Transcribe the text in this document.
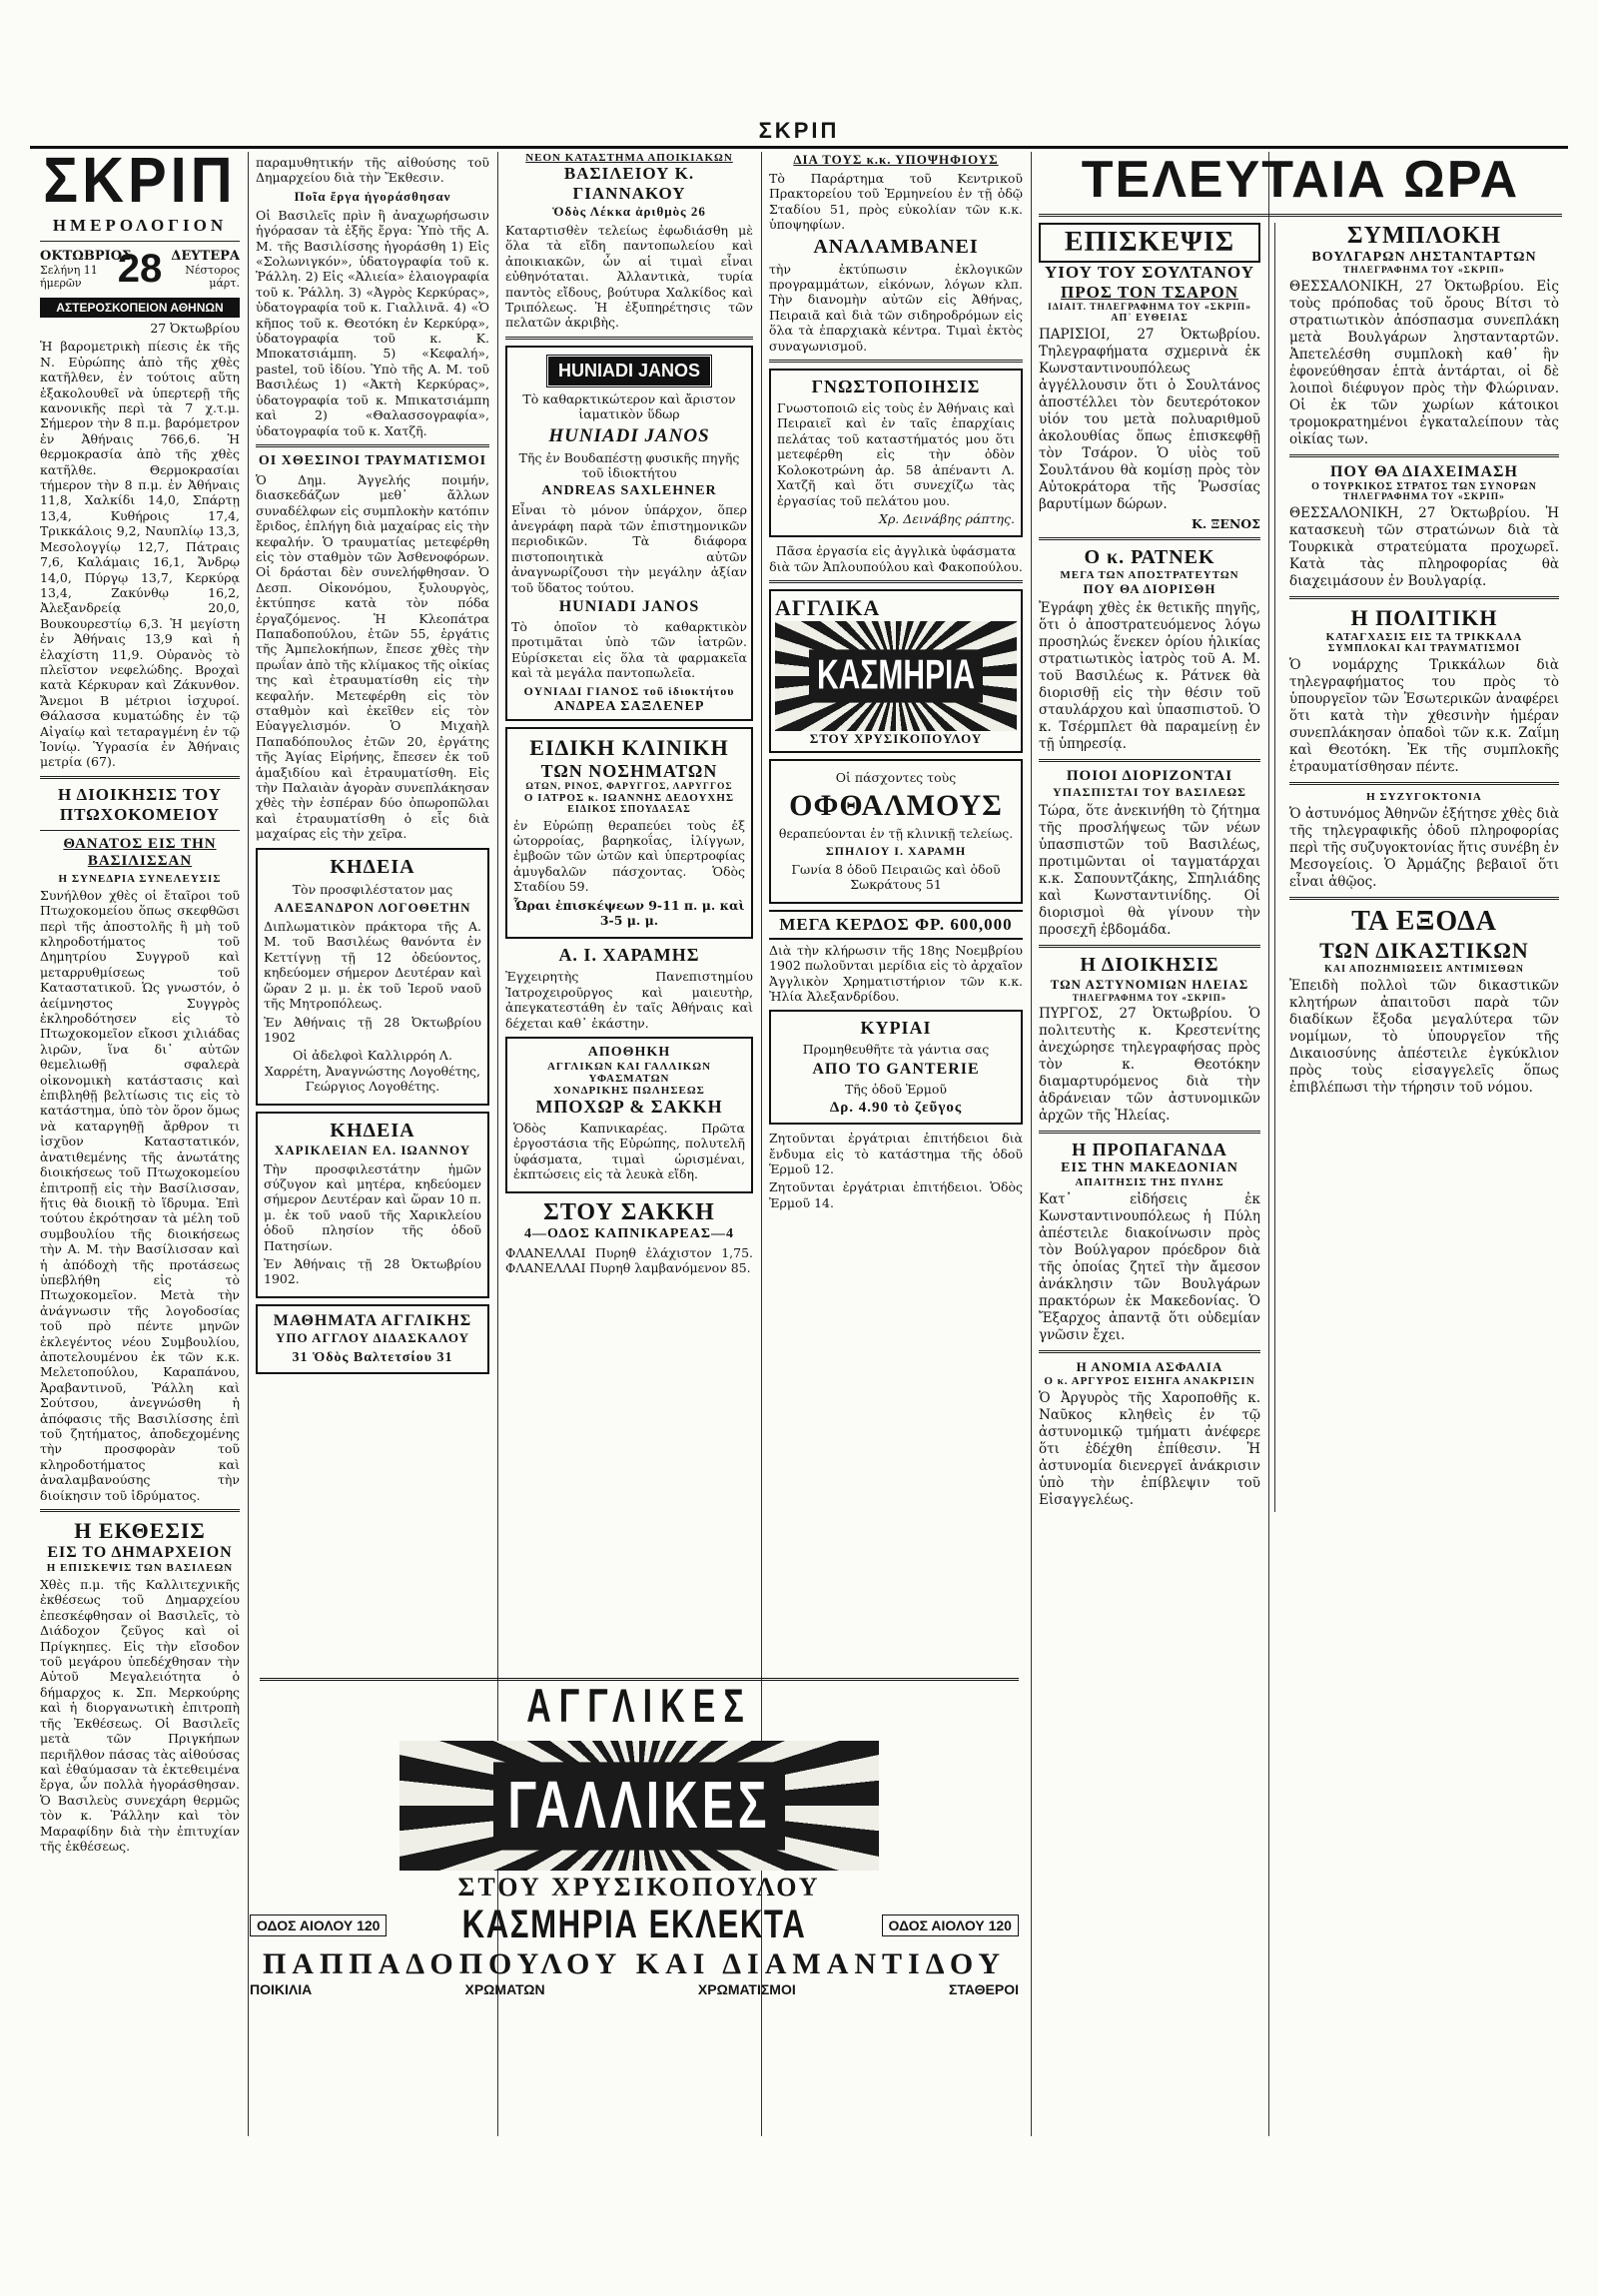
ΣΚΡΙΠ
ΣΚΡΙΠ
ΗΜΕΡΟΛΟΓΙΟΝ
ΟΚΤΩΒΡΙΟΣ
Σελήνη 11 ήμερῶν 28 ΔΕΥΤΕΡΑ
Νέστορος μάρτ.
ΑΣΤΕΡΟΣΚΟΠΕΙΟΝ ΑΘΗΝΩΝ
27 Ὀκτωβρίου
Ἡ βαρομετρικὴ πίεσις ἐκ τῆς Ν. Εὐρώπης ἀπὸ τῆς χθὲς κατῆλθεν, ἐν τούτοις αὕτη ἐξακολουθεῖ νὰ ὑπερτερῇ τῆς κανονικῆς περὶ τὰ 7 χ.τ.μ. Σήμερον τὴν 8 π.μ. βαρόμετρον ἐν Ἀθήναις 766,6. Ἡ θερμοκρασία ἀπὸ τῆς χθὲς κατῆλθε. Θερμοκρασίαι τήμερον τὴν 8 π.μ. ἐν Ἀθήναις 11,8, Χαλκίδι 14,0, Σπάρτῃ 13,4, Κυθήροις 17,4, Τρικκάλοις 9,2, Ναυπλίῳ 13,3, Μεσολογγίῳ 12,7, Πάτραις 7,6, Καλάμαις 16,1, Ἄνδρῳ 14,0, Πύργῳ 13,7, Κερκύρᾳ 13,4, Ζακύνθῳ 16,2, Ἀλεξανδρείᾳ 20,0, Βουκουρεστίῳ 6,3. Ἡ μεγίστη ἐν Ἀθήναις 13,9 καὶ ἡ ἐλαχίστη 11,9. Οὐρανὸς τὸ πλεῖστον νεφελώδης. Βροχαὶ κατὰ Κέρκυραν καὶ Ζάκυνθον. Ἄνεμοι Β μέτριοι ἰσχυροί. Θάλασσα κυματώδης ἐν τῷ Αἰγαίῳ καὶ τεταραγμένη ἐν τῷ Ἰονίῳ. Ὑγρασία ἐν Ἀθήναις μετρία (67).
Η ΔΙΟΙΚΗΣΙΣ ΤΟΥ ΠΤΩΧΟΚΟΜΕΙΟΥ
ΘΑΝΑΤΟΣ ΕΙΣ ΤΗΝ ΒΑΣΙΛΙΣΣΑΝ
Η ΣΥΝΕΔΡΙΑ ΣΥΝΕΛΕΥΣΙΣ
Συνήλθον χθὲς οἱ ἔταῖροι τοῦ Πτωχοκομείου ὅπως σκεφθῶσι περὶ τῆς ἀποστολῆς ἢ μὴ τοῦ κληροδοτήματος τοῦ Δημητρίου Συγγροῦ καὶ μεταρρυθμίσεως τοῦ Καταστατικοῦ. Ὡς γνωστόν, ὁ ἀείμνηστος Συγγρὸς ἐκληροδότησεν εἰς τὸ Πτωχοκομεῖον εἴκοσι χιλιάδας λιρῶν, ἵνα δι᾽ αὐτῶν θεμελιωθῇ σφαλερὰ οἰκονομικὴ κατάστασις καὶ ἐπιβληθῇ βελτίωσις τις εἰς τὸ κατάστημα, ὑπὸ τὸν ὅρον ὅμως νὰ καταργηθῇ ἄρθρον τι ἰσχῦον Καταστατικόν, ἀνατιθεμένης τῆς ἀνωτάτης διοικήσεως τοῦ Πτωχοκομείου ἐπιτροπῇ εἰς τὴν Βασίλισσαν, ἥτις θὰ διοικῇ τὸ ἵδρυμα. Ἐπὶ τούτου ἐκρότησαν τὰ μέλη τοῦ συμβουλίου τῆς διοικήσεως τὴν Α. Μ. τὴν Βασίλισσαν καὶ ἡ ἀπόδοχὴ τῆς προτάσεως ὑπεβλήθη εἰς τὸ Πτωχοκομεῖον. Μετὰ τὴν ἀνάγνωσιν τῆς λογοδοσίας τοῦ πρὸ πέντε μηνῶν ἐκλεγέντος νέου Συμβουλίου, ἀποτελουμένου ἐκ τῶν κ.κ. Μελετοπούλου, Καραπάνου, Ἀραβαντινοῦ, Ῥάλλη καὶ Σούτσου, ἀνεγνώσθη ἡ ἀπόφασις τῆς Βασιλίσσης ἐπὶ τοῦ ζητήματος, ἀποδεχομένης τὴν προσφορὰν τοῦ κληροδοτήματος καὶ ἀναλαμβανούσης τὴν διοίκησιν τοῦ ἱδρύματος.
Η ΕΚΘΕΣΙΣ
ΕΙΣ ΤΟ ΔΗΜΑΡΧΕΙΟΝ
Η ΕΠΙΣΚΕΨΙΣ ΤΩΝ ΒΑΣΙΛΕΩΝ
Χθὲς π.μ. τῆς Καλλιτεχνικῆς ἐκθέσεως τοῦ Δημαρχείου ἐπεσκέφθησαν οἱ Βασιλεῖς, τὸ Διάδοχον ζεῦγος καὶ οἱ Πρίγκηπες. Εἰς τὴν εἴσοδον τοῦ μεγάρου ὑπεδέχθησαν τὴν Αὐτοῦ Μεγαλειότητα ὁ δήμαρχος κ. Σπ. Μερκούρης καὶ ἡ διοργανωτικὴ ἐπιτροπὴ τῆς Ἐκθέσεως. Οἱ Βασιλεῖς μετὰ τῶν Πριγκήπων περιῆλθον πάσας τὰς αἰθούσας καὶ ἐθαύμασαν τὰ ἐκτεθειμένα ἔργα, ὧν πολλὰ ἠγοράσθησαν. Ὁ Βασιλεὺς συνεχάρη θερμῶς τὸν κ. Ῥάλλην καὶ τὸν Μαραφίδην διὰ τὴν ἐπιτυχίαν τῆς ἐκθέσεως.
παραμυθητικήν τῆς αἰθούσης τοῦ Δημαρχείου διὰ τὴν Ἔκθεσιν.
Ποῖα ἔργα ἠγοράσθησαν
Οἱ Βασιλεῖς πρὶν ἢ ἀναχωρήσωσιν ἠγόρασαν τὰ ἑξῆς ἔργα: Ὑπὸ τῆς Α. Μ. τῆς Βασιλίσσης ἠγοράσθη 1) Εἰς «Σολωνιγκόν», ὑδατογραφία τοῦ κ. Ῥάλλη. 2) Εἰς «Ἀλιεία» ἐλαιογραφία τοῦ κ. Ῥάλλη. 3) «Ἀγρὸς Κερκύρας», ὑδατογραφία τοῦ κ. Γιαλλινᾶ. 4) «Ὁ κῆπος τοῦ κ. Θεοτόκη ἐν Κερκύρᾳ», ὑδατογραφία τοῦ κ. Κ. Μποκατσιάμπη. 5) «Κεφαλή», pastel, τοῦ ἰδίου. Ὑπὸ τῆς Α. Μ. τοῦ Βασιλέως 1) «Ἀκτὴ Κερκύρας», ὑδατογραφία τοῦ κ. Μπικατσιάμπη καὶ 2) «Θαλασσογραφία», ὑδατογραφία τοῦ κ. Χατζῆ.
ΟΙ ΧΘΕΣΙΝΟΙ ΤΡΑΥΜΑΤΙΣΜΟΙ
Ὁ Δημ. Ἀγγελής ποιμήν, διασκεδάζων μεθ᾽ ἄλλων συναδέλφων εἰς συμπλοκὴν κατόπιν ἔριδος, ἐπλήγη διὰ μαχαίρας εἰς τὴν κεφαλήν. Ὁ τραυματίας μετεφέρθη εἰς τὸν σταθμὸν τῶν Ἀσθενοφόρων. Οἱ δράσται δὲν συνελήφθησαν. Ὁ Δεσπ. Οἰκονόμου, ξυλουργὸς, ἐκτύπησε κατὰ τὸν πόδα ἐργαζόμενος. Ἡ Κλεοπάτρα Παπαδοπούλου, ἐτῶν 55, ἐργάτις τῆς Ἀμπελοκήπων, ἔπεσε χθὲς τὴν πρωΐαν ἀπὸ τῆς κλίμακος τῆς οἰκίας της καὶ ἐτραυματίσθη εἰς τὴν κεφαλήν. Μετεφέρθη εἰς τὸν σταθμὸν καὶ ἐκεῖθεν εἰς τὸν Εὐαγγελισμόν. Ὁ Μιχαὴλ Παπαδόπουλος ἐτῶν 20, ἐργάτης τῆς Ἁγίας Εἰρήνης, ἔπεσεν ἐκ τοῦ ἁμαξιδίου καὶ ἐτραυματίσθη. Εἰς τὴν Παλαιὰν ἀγορὰν συνεπλάκησαν χθὲς τὴν ἑσπέραν δύο ὀπωροπῶλαι καὶ ἐτραυματίσθη ὁ εἷς διὰ μαχαίρας εἰς τὴν χεῖρα.
ΚΗΔΕΙΑ
Τὸν προσφιλέστατον μας
ΑΛΕΞΑΝΔΡΟΝ ΛΟΓΟΘΕΤΗΝ
Διπλωματικὸν πράκτορα τῆς Α. Μ. τοῦ Βασιλέως θανόντα ἐν Κεττίγνῃ τῇ 12 ὀδεύοντος, κηδεύομεν σήμερον Δευτέραν καὶ ὥραν 2 μ. μ. ἐκ τοῦ Ἱεροῦ ναοῦ τῆς Μητροπόλεως.
Ἐν Ἀθήναις τῇ 28 Ὀκτωβρίου 1902
Οἱ ἀδελφοὶ Καλλιρρόη Λ. Χαρρέτη, Ἀναγνώστης Λογοθέτης, Γεώργιος Λογοθέτης.
ΚΗΔΕΙΑ
ΧΑΡΙΚΛΕΙΑΝ ΕΛ. ΙΩΑΝΝΟΥ
Τὴν προσφιλεστάτην ἡμῶν σύζυγον καὶ μητέρα, κηδεύομεν σήμερον Δευτέραν καὶ ὥραν 10 π. μ. ἐκ τοῦ ναοῦ τῆς Χαρικλείου ὁδοῦ πλησίον τῆς ὁδοῦ Πατησίων.
Ἐν Ἀθήναις τῇ 28 Ὀκτωβρίου 1902.
ΜΑΘΗΜΑΤΑ ΑΓΓΛΙΚΗΣ
ΥΠΟ ΑΓΓΛΟΥ ΔΙΔΑΣΚΑΛΟΥ
31 Ὁδὸς Βαλτετσίου 31
ΝΕΟΝ ΚΑΤΑΣΤΗΜΑ ΑΠΟΙΚΙΑΚΩΝ
ΒΑΣΙΛΕΙΟΥ Κ. ΓΙΑΝΝΑΚΟΥ
Ὁδὸς Λέκκα ἀριθμὸς 26
Καταρτισθὲν τελείως ἐφωδιάσθη μὲ ὅλα τὰ εἴδη παντοπωλείου καὶ ἀποικιακῶν, ὧν αἱ τιμαὶ εἶναι εὐθηνόταται. Ἀλλαντικὰ, τυρία παντὸς εἴδους, βούτυρα Χαλκίδος καὶ Τριπόλεως. Ἡ ἐξυπηρέτησις τῶν πελατῶν ἀκριβὴς.
HUNIADI JANOS
Τὸ καθαρκτικώτερον καὶ ἄριστον ἰαματικὸν ὕδωρ
HUNIADI JANOS
Τῆς ἐν Βουδαπέστῃ φυσικῆς πηγῆς τοῦ ἰδιοκτήτου
ANDREAS SAXLEHNER
Εἶναι τὸ μόνον ὑπάρχον, ὅπερ ἀνεγράφη παρὰ τῶν ἐπιστημονικῶν περιοδικῶν. Τὰ διάφορα πιστοποιητικὰ αὐτῶν ἀναγνωρίζουσι τὴν μεγάλην ἀξίαν τοῦ ὕδατος τούτου.
HUNIADI JANOS
Τὸ ὁποῖον τὸ καθαρκτικὸν προτιμᾶται ὑπὸ τῶν ἰατρῶν. Εὑρίσκεται εἰς ὅλα τὰ φαρμακεῖα καὶ τὰ μεγάλα παντοπωλεῖα.
ΟΥΝΙΑΔΙ ΓΙΑΝΟΣ τοῦ ἰδιοκτήτου
ΑΝΔΡΕΑ ΣΑΞΛΕΝΕΡ
ΕΙΔΙΚΗ ΚΛΙΝΙΚΗ
ΤΩΝ ΝΟΣΗΜΑΤΩΝ
ΩΤΩΝ, ΡΙΝΟΣ, ΦΑΡΥΓΓΟΣ, ΛΑΡΥΓΓΟΣ
Ο ΙΑΤΡΟΣ κ. ΙΩΑΝΝΗΣ ΔΕΔΟΥΧΗΣ
ΕΙΔΙΚΟΣ ΣΠΟΥΔΑΣΑΣ
ἐν Εὐρώπῃ θεραπεύει τοὺς ἐξ ὠτορροίας, βαρηκοΐας, ἰλίγγων, ἐμβοῶν τῶν ὠτῶν καὶ ὑπερτροφίας ἀμυγδαλῶν πάσχοντας. Ὁδὸς Σταδίου 59.
Ὧραι ἐπισκέψεων 9-11 π. μ. καὶ 3-5 μ. μ.
Α. Ι. ΧΑΡΑΜΗΣ
Ἐγχειρητὴς Πανεπιστημίου Ἰατροχειροῦργος καὶ μαιευτὴρ, ἀπεγκατεστάθη ἐν ταῖς Ἀθήναις καὶ δέχεται καθ᾽ ἑκάστην.
ΑΠΟΘΗΚΗ
ΑΓΓΛΙΚΩΝ ΚΑΙ ΓΑΛΛΙΚΩΝ ΥΦΑΣΜΑΤΩΝ
ΧΟΝΔΡΙΚΗΣ ΠΩΛΗΣΕΩΣ
ΜΠΟΧΩΡ & ΣΑΚΚΗ
Ὁδὸς Καπνικαρέας. Πρῶτα ἐργοστάσια τῆς Εὐρώπης, πολυτελῆ ὑφάσματα, τιμαὶ ὡρισμέναι, ἐκπτώσεις εἰς τὰ λευκὰ εἴδη.
ΣΤΟΥ ΣΑΚΚΗ
4—ΟΔΟΣ ΚΑΠΝΙΚΑΡΕΑΣ—4
ΦΛΑΝΕΛΛΑΙ Πυρηθ ἐλάχιστον 1,75. ΦΛΑΝΕΛΛΑΙ Πυρηθ λαμβανόμενον 85.
ΔΙΑ ΤΟΥΣ κ.κ. ΥΠΟΨΗΦΙΟΥΣ
Τὸ Παράρτημα τοῦ Κεντρικοῦ Πρακτορείου τοῦ Ἑρμηνείου ἐν τῇ ὁδῷ Σταδίου 51, πρὸς εὐκολίαν τῶν κ.κ. ὑποψηφίων.
ΑΝΑΛΑΜΒΑΝΕΙ
τὴν ἐκτύπωσιν ἐκλογικῶν προγραμμάτων, εἰκόνων, λόγων κλπ. Τὴν διανομὴν αὐτῶν εἰς Ἀθήνας, Πειραιᾶ καὶ διὰ τῶν σιδηροδρόμων εἰς ὅλα τὰ ἐπαρχιακὰ κέντρα. Τιμαὶ ἐκτὸς συναγωνισμοῦ.
ΓΝΩΣΤΟΠΟΙΗΣΙΣ
Γνωστοποιῶ εἰς τοὺς ἐν Ἀθήναις καὶ Πειραιεῖ καὶ ἐν ταῖς ἐπαρχίαις πελάτας τοῦ καταστήματός μου ὅτι μετεφέρθη εἰς τὴν ὁδὸν Κολοκοτρώνη ἀρ. 58 ἀπέναντι Λ. Χατζῆ καὶ ὅτι συνεχίζω τὰς ἐργασίας τοῦ πελάτου μου.
Χρ. Δεινάβης ράπτης.
Πᾶσα ἐργασία εἰς ἀγγλικὰ ὑφάσματα διὰ τῶν Ἀπλουπούλου καὶ Φακοπούλου.
ΑΓΓΛΙΚΑ
ΚΑΣΜΗΡΙΑ
ΣΤΟΥ ΧΡΥΣΙΚΟΠΟΥΛΟΥ
Οἱ πάσχοντες τοὺς
ΟΦΘΑΛΜΟΥΣ
θεραπεύονται ἐν τῇ κλινικῇ τελείως.
ΣΠΗΛΙΟΥ Ι. ΧΑΡΑΜΗ
Γωνία 8 ὁδοῦ Πειραιῶς καὶ ὁδοῦ Σωκράτους 51
ΜΕΓΑ ΚΕΡΔΟΣ ΦΡ. 600,000
Διὰ τὴν κλήρωσιν τῆς 18ης Νοεμβρίου 1902 πωλοῦνται μερίδια εἰς τὸ ἀρχαῖον Ἀγγλικὸν Χρηματιστήριον τῶν κ.κ. Ἠλία Ἀλεξανδρίδου.
ΚΥΡΙΑΙ
Προμηθευθῆτε τὰ γάντια σας
ΑΠΟ ΤΟ GANTERIE
Τῆς ὁδοῦ Ἑρμοῦ
Δρ. 4.90 τὸ ζεῦγος
Ζητοῦνται ἐργάτριαι ἐπιτήδειοι διὰ ἔνδυμα εἰς τὸ κατάστημα τῆς ὁδοῦ Ἑρμοῦ 12.
Ζητοῦνται ἐργάτριαι ἐπιτήδειοι. Ὁδὸς Ἑρμοῦ 14.
ΤΕΛΕΥΤΑΙΑ ΩΡΑ
ΕΠΙΣΚΕΨΙΣ
ΥΙΟΥ ΤΟΥ ΣΟΥΛΤΑΝΟΥ
ΠΡΟΣ ΤΟΝ ΤΣΑΡΟΝ
ΙΔΙΑΙΤ. ΤΗΛΕΓΡΑΦΗΜΑ ΤΟΥ «ΣΚΡΙΠ»
ΑΠ᾽ ΕΥΘΕΙΑΣ
ΠΑΡΙΣΙΟΙ, 27 Ὀκτωβρίου. Τηλεγραφήματα σχμερινὰ ἐκ Κωνσταντινουπόλεως ἀγγέλλουσιν ὅτι ὁ Σουλτάνος ἀποστέλλει τὸν δευτερότοκον υἱόν του μετὰ πολυαριθμοῦ ἀκολουθίας ὅπως ἐπισκεφθῇ τὸν Τσάρον. Ὁ υἱὸς τοῦ Σουλτάνου θὰ κομίσῃ πρὸς τὸν Αὐτοκράτορα τῆς Ῥωσσίας βαρυτίμων δώρων.
Κ. ΞΕΝΟΣ
Ο κ. ΡΑΤΝΕΚ
ΜΕΓΑ ΤΩΝ ΑΠΟΣΤΡΑΤΕΥΤΩΝ
ΠΟΥ ΘΑ ΔΙΟΡΙΣΘΗ
Ἐγράφη χθὲς ἐκ θετικῆς πηγῆς, ὅτι ὁ ἀποστρατευόμενος λόγω προσηλώς ἕνεκεν ὁρίου ἡλικίας στρατιωτικὸς ἰατρὸς τοῦ Α. Μ. τοῦ Βασιλέως κ. Ράτνεκ θὰ διορισθῇ εἰς τὴν θέσιν τοῦ σταυλάρχου καὶ ὑπασπιστοῦ. Ὁ κ. Τσέρμπλετ θὰ παραμείνῃ ἐν τῇ ὑπηρεσίᾳ.
ΠΟΙΟΙ ΔΙΟΡΙΖΟΝΤΑΙ
ΥΠΑΣΠΙΣΤΑΙ ΤΟΥ ΒΑΣΙΛΕΩΣ
Τώρα, ὅτε ἀνεκινήθη τὸ ζήτημα τῆς προσλήψεως τῶν νέων ὑπασπιστῶν τοῦ Βασιλέως, προτιμῶνται οἱ ταγματάρχαι κ.κ. Σαπουντζάκης, Σπηλιάδης καὶ Κωνσταντινίδης. Οἱ διορισμοὶ θὰ γίνουν τὴν προσεχῆ ἑβδομάδα.
Η ΔΙΟΙΚΗΣΙΣ
ΤΩΝ ΑΣΤΥΝΟΜΙΩΝ ΗΛΕΙΑΣ
ΤΗΛΕΓΡΑΦΗΜΑ ΤΟΥ «ΣΚΡΙΠ»
ΠΥΡΓΟΣ, 27 Ὀκτωβρίου. Ὁ πολιτευτὴς κ. Κρεστενίτης ἀνεχώρησε τηλεγραφήσας πρὸς τὸν κ. Θεοτόκην διαμαρτυρόμενος διὰ τὴν ἀδράνειαν τῶν ἀστυνομικῶν ἀρχῶν τῆς Ἠλείας.
Η ΠΡΟΠΑΓΑΝΔΑ
ΕΙΣ ΤΗΝ ΜΑΚΕΔΟΝΙΑΝ
ΑΠΑΙΤΗΣΙΣ ΤΗΣ ΠΥΛΗΣ
Κατ᾽ εἰδήσεις ἐκ Κωνσταντινουπόλεως ἡ Πύλη ἀπέστειλε διακοίνωσιν πρὸς τὸν Βούλγαρον πρόεδρον διὰ τῆς ὁποίας ζητεῖ τὴν ἄμεσον ἀνάκλησιν τῶν Βουλγάρων πρακτόρων ἐκ Μακεδονίας. Ὁ Ἔξαρχος ἀπαντᾷ ὅτι οὐδεμίαν γνῶσιν ἔχει.
Η ΑΝΟΜΙΑ ΑΣΦΑΛΙΑ
Ο κ. ΑΡΓΥΡΟΣ ΕΙΣΗΓΑ ΑΝΑΚΡΙΣΙΝ
Ὁ Ἀργυρὸς τῆς Χαροποθῆς κ. Ναῦκος κληθεὶς ἐν τῷ ἀστυνομικῷ τμήματι ἀνέφερε ὅτι ἐδέχθη ἐπίθεσιν. Ἡ ἀστυνομία διενεργεῖ ἀνάκρισιν ὑπὸ τὴν ἐπίβλεψιν τοῦ Εἰσαγγελέως.
ΣΥΜΠΛΟΚΗ
ΒΟΥΛΓΑΡΩΝ ΛΗΣΤΑΝΤΑΡΤΩΝ
ΤΗΛΕΓΡΑΦΗΜΑ ΤΟΥ «ΣΚΡΙΠ»
ΘΕΣΣΑΛΟΝΙΚΗ, 27 Ὀκτωβρίου. Εἰς τοὺς πρόποδας τοῦ ὄρους Βίτσι τὸ στρατιωτικὸν ἀπόσπασμα συνεπλάκη μετὰ Βουλγάρων ληστανταρτῶν. Ἀπετελέσθη συμπλοκὴ καθ᾽ ἣν ἐφονεύθησαν ἑπτὰ ἀντάρται, οἱ δὲ λοιποὶ διέφυγον πρὸς τὴν Φλώριναν. Οἱ ἐκ τῶν χωρίων κάτοικοι τρομοκρατημένοι ἐγκαταλείπουν τὰς οἰκίας των.
ΠΟΥ ΘΑ ΔΙΑΧΕΙΜΑΣΗ
Ο ΤΟΥΡΚΙΚΟΣ ΣΤΡΑΤΟΣ ΤΩΝ ΣΥΝΟΡΩΝ
ΤΗΛΕΓΡΑΦΗΜΑ ΤΟΥ «ΣΚΡΙΠ»
ΘΕΣΣΑΛΟΝΙΚΗ, 27 Ὀκτωβρίου. Ἡ κατασκευὴ τῶν στρατώνων διὰ τὰ Τουρκικὰ στρατεύματα προχωρεῖ. Κατὰ τὰς πληροφορίας θὰ διαχειμάσουν ἐν Βουλγαρίᾳ.
Η ΠΟΛΙΤΙΚΗ
ΚΑΤΑΓΧΑΣΙΣ ΕΙΣ ΤΑ ΤΡΙΚΚΑΛΑ
ΣΥΜΠΛΟΚΑΙ ΚΑΙ ΤΡΑΥΜΑΤΙΣΜΟΙ
Ὁ νομάρχης Τρικκάλων διὰ τηλεγραφήματος του πρὸς τὸ ὑπουργεῖον τῶν Ἐσωτερικῶν ἀναφέρει ὅτι κατὰ τὴν χθεσινὴν ἡμέραν συνεπλάκησαν ὀπαδοὶ τῶν κ.κ. Ζαΐμη καὶ Θεοτόκη. Ἐκ τῆς συμπλοκῆς ἐτραυματίσθησαν πέντε.
Η ΣΥΖΥΓΟΚΤΟΝΙΑ
Ὁ ἀστυνόμος Ἀθηνῶν ἐξήτησε χθὲς διὰ τῆς τηλεγραφικῆς ὁδοῦ πληροφορίας περὶ τῆς συζυγοκτονίας ἥτις συνέβη ἐν Μεσογείοις. Ὁ Ἀρμάζης βεβαιοῖ ὅτι εἶναι ἀθῷος.
ΤΑ ΕΞΟΔΑ
ΤΩΝ ΔΙΚΑΣΤΙΚΩΝ
ΚΑΙ ΑΠΟΖΗΜΙΩΣΕΙΣ ΑΝΤΙΜΙΣΘΩΝ
Ἐπειδὴ πολλοὶ τῶν δικαστικῶν κλητήρων ἀπαιτοῦσι παρὰ τῶν διαδίκων ἔξοδα μεγαλύτερα τῶν νομίμων, τὸ ὑπουργεῖον τῆς Δικαιοσύνης ἀπέστειλε ἐγκύκλιον πρὸς τοὺς εἰσαγγελεῖς ὅπως ἐπιβλέπωσι τὴν τήρησιν τοῦ νόμου.
ΑΓΓΛΙΚΕΣ
ΓΑΛΛΙΚΕΣ
ΣΤΟΥ ΧΡΥΣΙΚΟΠΟΥΛΟΥ
ΟΔΟΣ ΑΙΟΛΟΥ 120 ΚΑΣΜΗΡΙΑ ΕΚΛΕΚΤΑ	ΟΔΟΣ ΑΙΟΛΟΥ 120
ΠΑΠΠΑΔΟΠΟΥΛΟΥ ΚΑΙ ΔΙΑΜΑΝΤΙΔΟΥ
ΠΟΙΚΙΛΙΑ	ΧΡΩΜΑΤΩΝ	ΧΡΩΜΑΤΙΣΜΟΙ	ΣΤΑΘΕΡΟΙ
